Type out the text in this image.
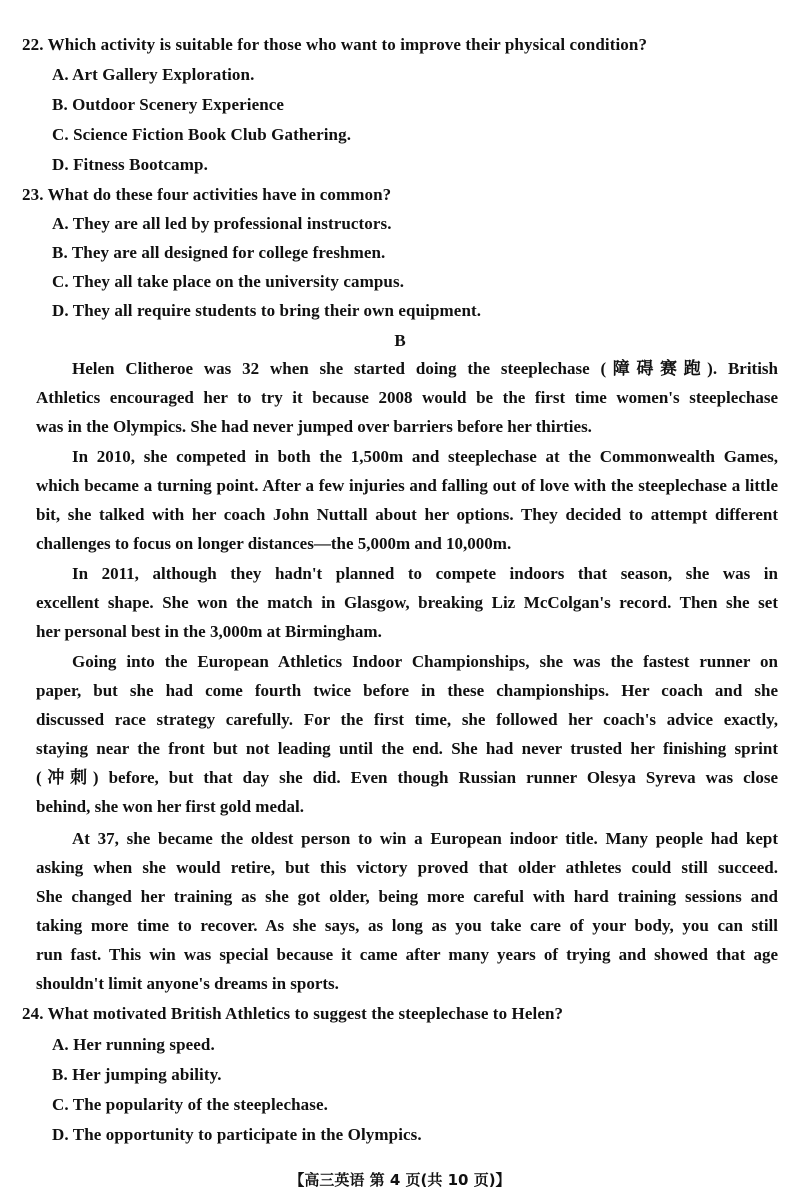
22. Which activity is suitable for those who want to improve their physical condition?
A. Art Gallery Exploration.
B. Outdoor Scenery Experience
C. Science Fiction Book Club Gathering.
D. Fitness Bootcamp.
23. What do these four activities have in common?
A. They are all led by professional instructors.
B. They are all designed for college freshmen.
C. They all take place on the university campus.
D. They all require students to bring their own equipment.
B
Helen Clitheroe was 32 when she started doing the steeplechase (障碍赛跑). British
Athletics encouraged her to try it because 2008 would be the first time women's steeplechase
was in the Olympics. She had never jumped over barriers before her thirties.
In 2010, she competed in both the 1,500m and steeplechase at the Commonwealth Games,
which became a turning point. After a few injuries and falling out of love with the steeplechase a little
bit, she talked with her coach John Nuttall about her options. They decided to attempt different
challenges to focus on longer distances—the 5,000m and 10,000m.
In 2011, although they hadn't planned to compete indoors that season, she was in
excellent shape. She won the match in Glasgow, breaking Liz McColgan's record. Then she set
her personal best in the 3,000m at Birmingham.
Going into the European Athletics Indoor Championships, she was the fastest runner on
paper, but she had come fourth twice before in these championships. Her coach and she
discussed race strategy carefully. For the first time, she followed her coach's advice exactly,
staying near the front but not leading until the end. She had never trusted her finishing sprint
(冲刺) before, but that day she did. Even though Russian runner Olesya Syreva was close
behind, she won her first gold medal.
At 37, she became the oldest person to win a European indoor title. Many people had kept
asking when she would retire, but this victory proved that older athletes could still succeed.
She changed her training as she got older, being more careful with hard training sessions and
taking more time to recover. As she says, as long as you take care of your body, you can still
run fast. This win was special because it came after many years of trying and showed that age
shouldn't limit anyone's dreams in sports.
24. What motivated British Athletics to suggest the steeplechase to Helen?
A. Her running speed.
B. Her jumping ability.
C. The popularity of the steeplechase.
D. The opportunity to participate in the Olympics.
【高三英语 第 4 页(共 10 页)】
